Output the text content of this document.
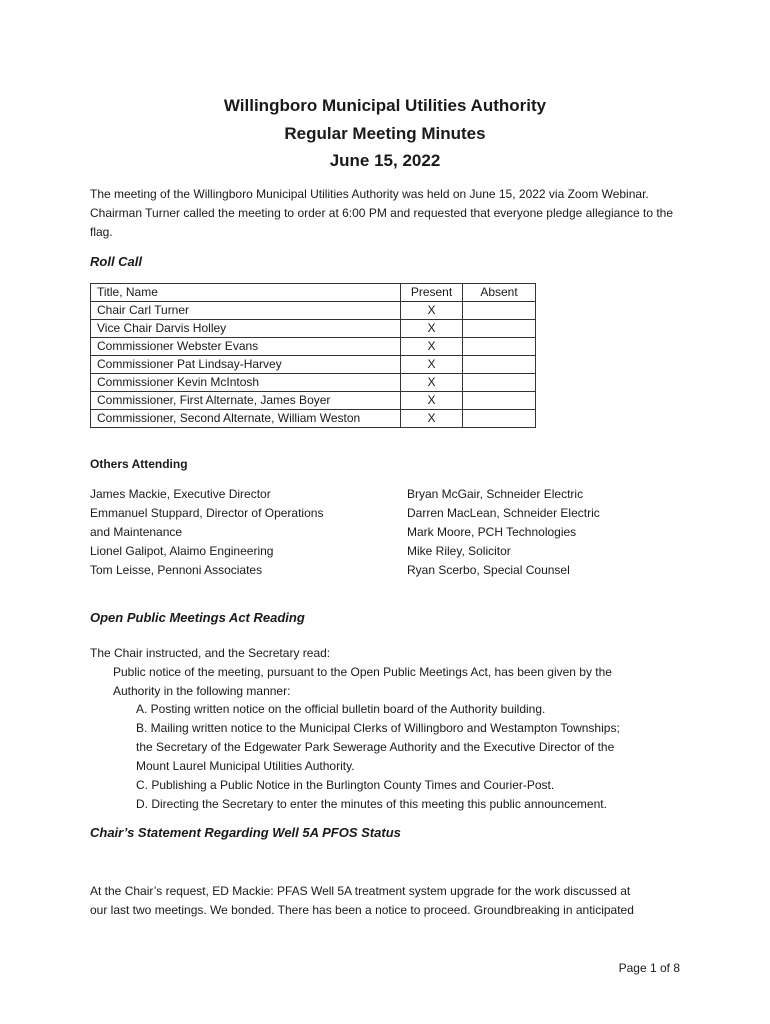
Willingboro Municipal Utilities Authority
Regular Meeting Minutes
June 15, 2022
The meeting of the Willingboro Municipal Utilities Authority was held on June 15, 2022 via Zoom Webinar. Chairman Turner called the meeting to order at 6:00 PM and requested that everyone pledge allegiance to the flag.
Roll Call
Title, Name	Present	Absent
Chair Carl Turner	X	
Vice Chair Darvis Holley	X	
Commissioner Webster Evans	X	
Commissioner Pat Lindsay-Harvey	X	
Commissioner Kevin McIntosh	X	
Commissioner, First Alternate, James Boyer	X	
Commissioner, Second Alternate, William Weston	X	
Others Attending
James Mackie, Executive Director
Emmanuel Stuppard, Director of Operations
and Maintenance
Lionel Galipot, Alaimo Engineering
Tom Leisse, Pennoni Associates
Bryan McGair, Schneider Electric
Darren MacLean, Schneider Electric
Mark Moore, PCH Technologies
Mike Riley, Solicitor
Ryan Scerbo, Special Counsel
Open Public Meetings Act Reading
The Chair instructed, and the Secretary read:
Public notice of the meeting, pursuant to the Open Public Meetings Act, has been given by the
Authority in the following manner:
A. Posting written notice on the official bulletin board of the Authority building.
B. Mailing written notice to the Municipal Clerks of Willingboro and Westampton Townships;
the Secretary of the Edgewater Park Sewerage Authority and the Executive Director of the
Mount Laurel Municipal Utilities Authority.
C. Publishing a Public Notice in the Burlington County Times and Courier-Post.
D. Directing the Secretary to enter the minutes of this meeting this public announcement.
Chair’s Statement Regarding Well 5A PFOS Status
At the Chair’s request, ED Mackie: PFAS Well 5A treatment system upgrade for the work discussed at
our last two meetings. We bonded. There has been a notice to proceed. Groundbreaking in anticipated
Page 1 of 8
